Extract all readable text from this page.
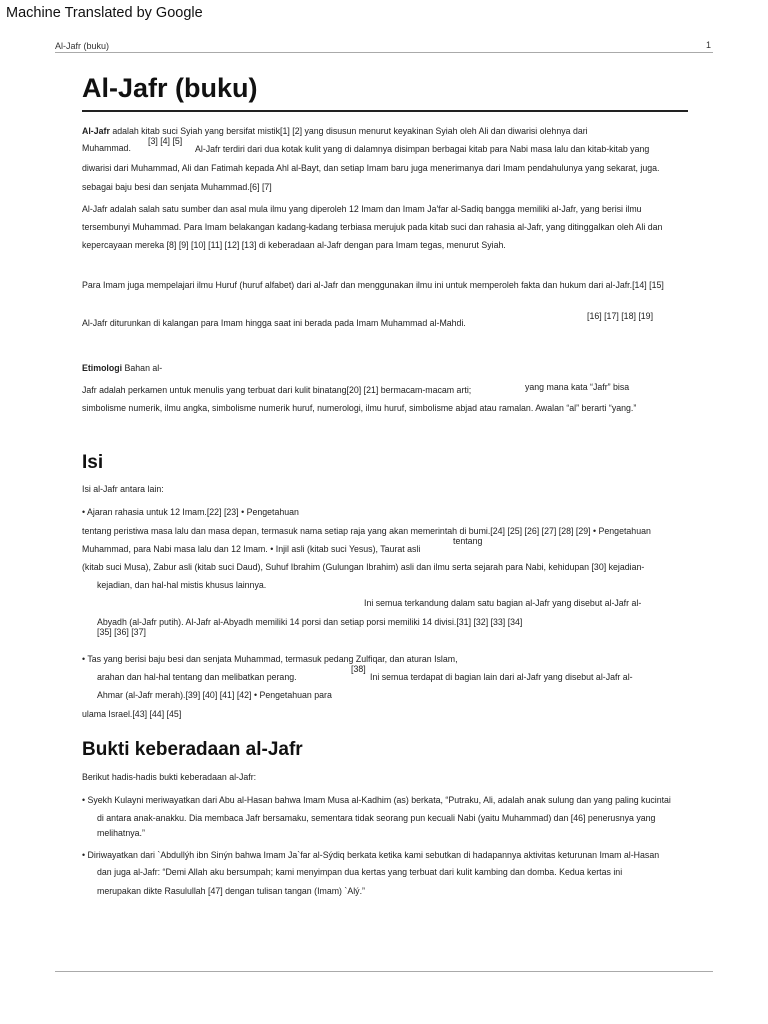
Machine Translated by Google
Al-Jafr (buku)	1
Al-Jafr (buku)
Al-Jafr adalah kitab suci Syiah yang bersifat mistik[1] [2] yang disusun menurut keyakinan Syiah oleh Ali dan diwarisi olehnya dari
Muhammad.
[3] [4] [5]
Al-Jafr terdiri dari dua kotak kulit yang di dalamnya disimpan berbagai kitab para Nabi masa lalu dan kitab-kitab yang
diwarisi dari Muhammad, Ali dan Fatimah kepada Ahl al-Bayt, dan setiap Imam baru juga menerimanya dari Imam pendahulunya yang sekarat, juga.
sebagai baju besi dan senjata Muhammad.[6] [7]
Al-Jafr adalah salah satu sumber dan asal mula ilmu yang diperoleh 12 Imam dan Imam Ja'far al-Sadiq bangga memiliki al-Jafr, yang berisi ilmu
tersembunyi Muhammad. Para Imam belakangan kadang-kadang terbiasa merujuk pada kitab suci dan rahasia al-Jafr, yang ditinggalkan oleh Ali dan
kepercayaan mereka [8] [9] [10] [11] [12] [13] di keberadaan al-Jafr dengan para Imam tegas, menurut Syiah.
Para Imam juga mempelajari ilmu Huruf (huruf alfabet) dari al-Jafr dan menggunakan ilmu ini untuk memperoleh fakta dan hukum dari al-Jafr.[14] [15]
[16] [17] [18] [19]
Al-Jafr diturunkan di kalangan para Imam hingga saat ini berada pada Imam Muhammad al-Mahdi.
Etimologi Bahan al-
Jafr adalah perkamen untuk menulis yang terbuat dari kulit binatang[20] [21] bermacam-macam arti;	yang mana kata “Jafr” bisa
simbolisme numerik, ilmu angka, simbolisme numerik huruf, numerologi, ilmu huruf, simbolisme abjad atau ramalan. Awalan “al” berarti “yang.”
Isi
Isi al-Jafr antara lain:
• Ajaran rahasia untuk 12 Imam.[22] [23] • Pengetahuan
tentang peristiwa masa lalu dan masa depan, termasuk nama setiap raja yang akan memerintah di bumi.[24] [25] [26] [27] [28] [29] • Pengetahuan
tentang
Muhammad, para Nabi masa lalu dan 12 Imam. • Injil asli (kitab suci Yesus), Taurat asli
(kitab suci Musa), Zabur asli (kitab suci Daud), Suhuf Ibrahim (Gulungan Ibrahim) asli dan ilmu serta sejarah para Nabi, kehidupan [30] kejadian-
kejadian, dan hal-hal mistis khusus lainnya.
Ini semua terkandung dalam satu bagian al-Jafr yang disebut al-Jafr al-
Abyadh (al-Jafr putih). Al-Jafr al-Abyadh memiliki 14 porsi dan setiap porsi memiliki 14 divisi.[31] [32] [33] [34]
[35] [36] [37]
• Tas yang berisi baju besi dan senjata Muhammad, termasuk pedang Zulfiqar, dan aturan Islam,
[38]
arahan dan hal-hal tentang dan melibatkan perang.	Ini semua terdapat di bagian lain dari al-Jafr yang disebut al-Jafr al-
Ahmar (al-Jafr merah).[39] [40] [41] [42] • Pengetahuan para
ulama Israel.[43] [44] [45]
Bukti keberadaan al-Jafr
Berikut hadis-hadis bukti keberadaan al-Jafr:
• Syekh Kulayni meriwayatkan dari Abu al-Hasan bahwa Imam Musa al-Kadhim (as) berkata, “Putraku, Ali, adalah anak sulung dan yang paling kucintai
di antara anak-anakku. Dia membaca Jafr bersamaku, sementara tidak seorang pun kecuali Nabi (yaitu Muhammad) dan [46] penerusnya yang
melihatnya.”
• Diriwayatkan dari `Abdullýh ibn Sinýn bahwa Imam Ja`far al-Sýdiq berkata ketika kami sebutkan di hadapannya aktivitas keturunan Imam al-Hasan
dan juga al-Jafr: “Demi Allah aku bersumpah; kami menyimpan dua kertas yang terbuat dari kulit kambing dan domba. Kedua kertas ini
merupakan dikte Rasulullah [47] dengan tulisan tangan (Imam) `Alý.”
